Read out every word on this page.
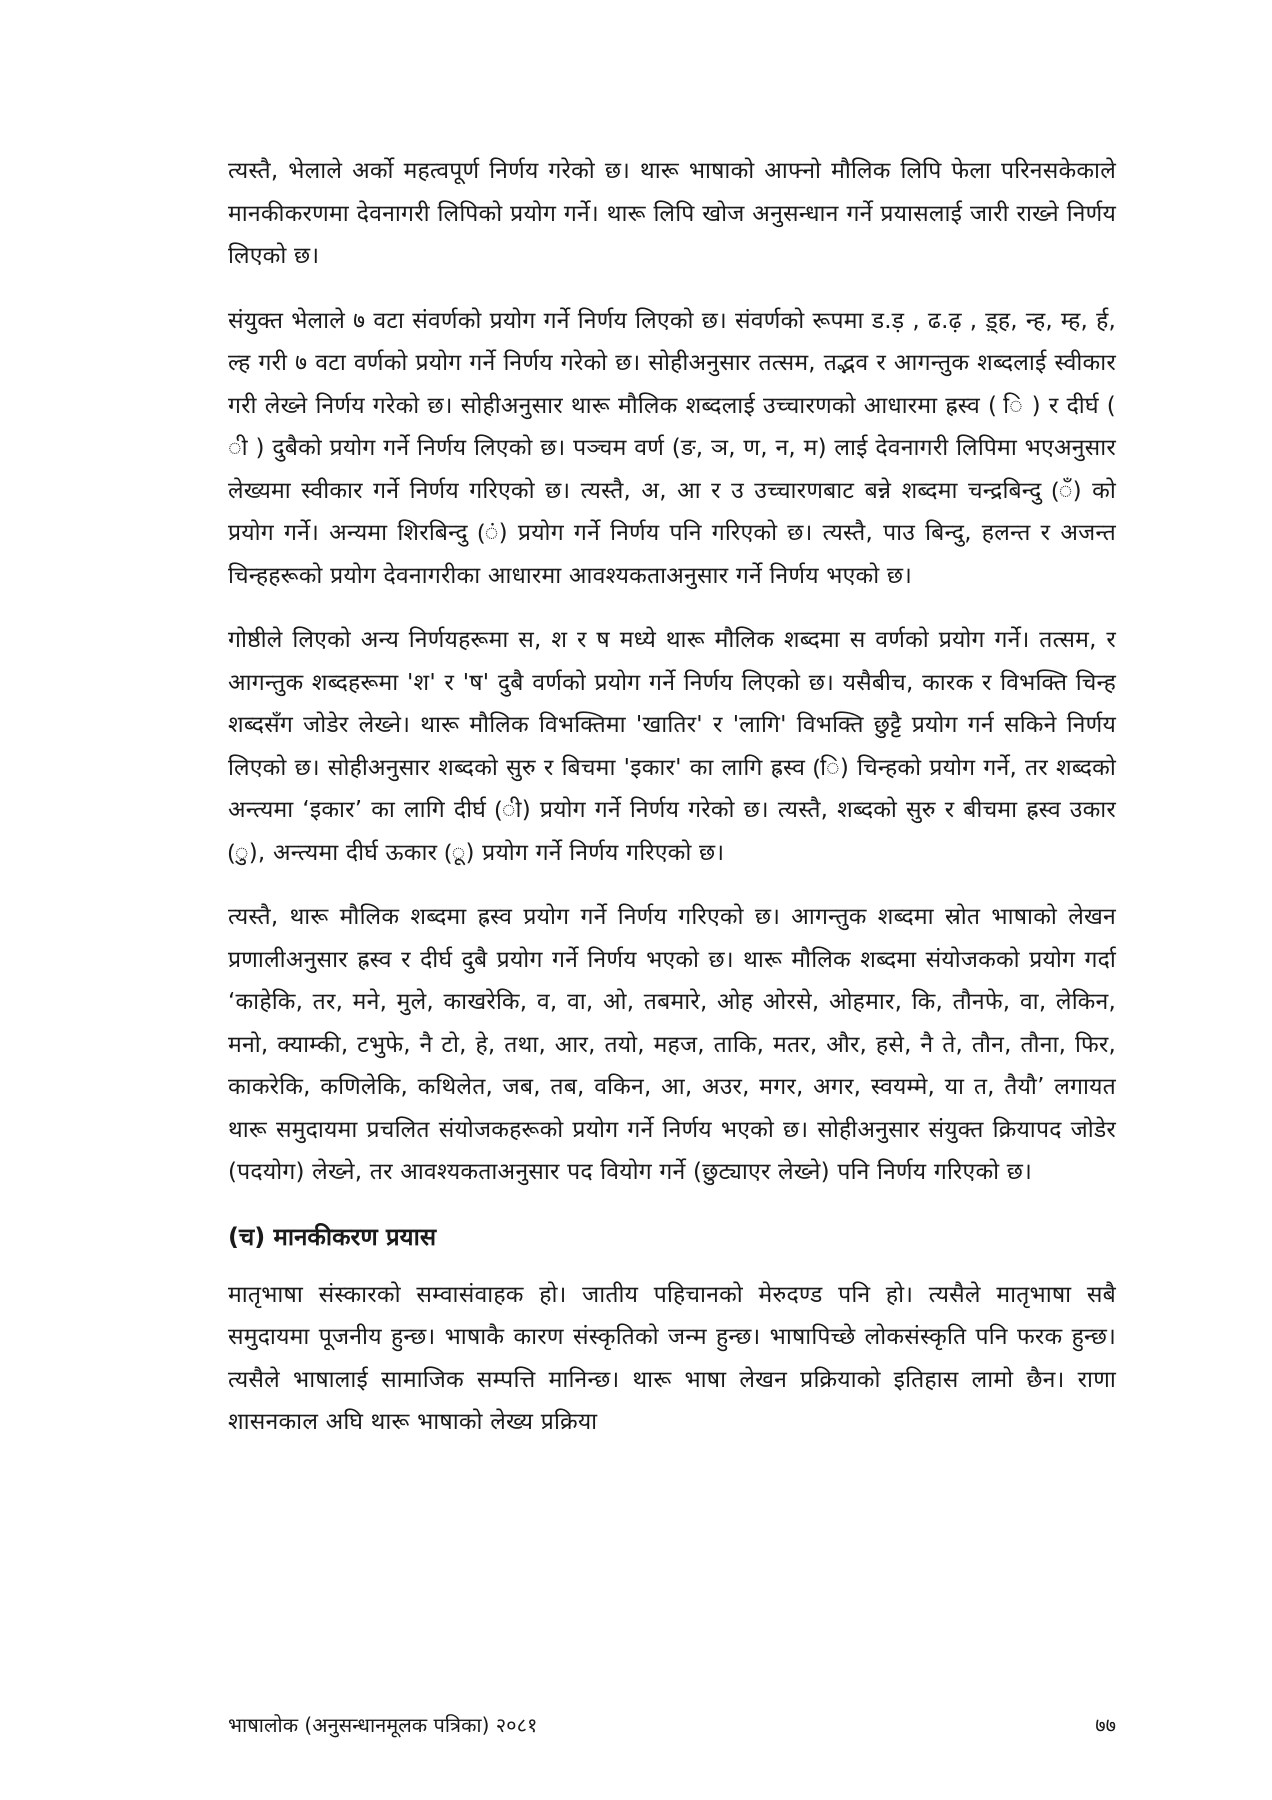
त्यस्तै, भेलाले अर्को महत्वपूर्ण निर्णय गरेको छ। थारू भाषाको आफ्नो मौलिक लिपि फेला परिनसकेकाले मानकीकरणमा देवनागरी लिपिको प्रयोग गर्ने। थारू लिपि खोज अनुसन्धान गर्ने प्रयासलाई जारी राख्ने निर्णय लिएको छ।

संयुक्त भेलाले ७ वटा संवर्णको प्रयोग गर्ने निर्णय लिएको छ। संवर्णको रूपमा ड.ड़ , ढ.ढ़ , ड़्ह, न्ह, म्ह, र्ह, ल्ह गरी ७ वटा वर्णको प्रयोग गर्ने निर्णय गरेको छ। सोहीअनुसार तत्सम, तद्भव र आगन्तुक शब्दलाई स्वीकार गरी लेख्ने निर्णय गरेको छ। सोहीअनुसार थारू मौलिक शब्दलाई उच्चारणको आधारमा ह्रस्व ( ि ) र दीर्घ ( ी ) दुबैको प्रयोग गर्ने निर्णय लिएको छ। पञ्चम वर्ण (ङ, ञ, ण, न, म) लाई देवनागरी लिपिमा भएअनुसार लेख्यमा स्वीकार गर्ने निर्णय गरिएको छ। त्यस्तै, अ, आ र उ उच्चारणबाट बन्ने शब्दमा चन्द्रबिन्दु (ँ) को प्रयोग गर्ने। अन्यमा शिरबिन्दु (ं) प्रयोग गर्ने निर्णय पनि गरिएको छ। त्यस्तै, पाउ बिन्दु, हलन्त र अजन्त चिन्हहरूको प्रयोग देवनागरीका आधारमा आवश्यकताअनुसार गर्ने निर्णय भएको छ।

गोष्ठीले लिएको अन्य निर्णयहरूमा स, श र ष मध्ये थारू मौलिक शब्दमा स वर्णको प्रयोग गर्ने। तत्सम, र आगन्तुक शब्दहरूमा 'श' र 'ष' दुबै वर्णको प्रयोग गर्ने निर्णय लिएको छ। यसैबीच, कारक र विभक्ति चिन्ह शब्दसँग जोडेर लेख्ने। थारू मौलिक विभक्तिमा 'खातिर' र 'लागि' विभक्ति छुट्टै प्रयोग गर्न सकिने निर्णय लिएको छ। सोहीअनुसार शब्दको सुरु र बिचमा 'इकार' का लागि ह्रस्व (ि) चिन्हको प्रयोग गर्ने, तर शब्दको अन्त्यमा ‘इकार’ का लागि दीर्घ (ी) प्रयोग गर्ने निर्णय गरेको छ। त्यस्तै, शब्दको सुरु र बीचमा ह्रस्व उकार (ु), अन्त्यमा दीर्घ ऊकार (ू) प्रयोग गर्ने निर्णय गरिएको छ।

त्यस्तै, थारू मौलिक शब्दमा ह्रस्व प्रयोग गर्ने निर्णय गरिएको छ। आगन्तुक शब्दमा स्रोत भाषाको लेखन प्रणालीअनुसार ह्रस्व र दीर्घ दुबै प्रयोग गर्ने निर्णय भएको छ। थारू मौलिक शब्दमा संयोजकको प्रयोग गर्दा ‘काहेकि, तर, मने, मुले, काखरेकि, व, वा, ओ, तबमारे, ओह ओरसे, ओहमार, कि, तौनफे, वा, लेकिन, मनो, क्याम्की, टभुफे, नै टो, हे, तथा, आर, तयो, महज, ताकि, मतर, और, हसे, नै ते, तौन, तौना, फिर, काकरेकि, कणिलेकि, कथिलेत, जब, तब, वकिन, आ, अउर, मगर, अगर, स्वयम्मे, या त, तैयौ’ लगायत थारू समुदायमा प्रचलित संयोजकहरूको प्रयोग गर्ने निर्णय भएको छ। सोहीअनुसार संयुक्त क्रियापद जोडेर (पदयोग) लेख्ने, तर आवश्यकताअनुसार पद वियोग गर्ने (छुट्याएर लेख्ने) पनि निर्णय गरिएको छ।

(च) मानकीकरण प्रयास

मातृभाषा संस्कारको सम्वासंवाहक हो। जातीय पहिचानको मेरुदण्ड पनि हो। त्यसैले मातृभाषा सबै समुदायमा पूजनीय हुन्छ। भाषाकै कारण संस्कृतिको जन्म हुन्छ। भाषापिच्छे लोकसंस्कृति पनि फरक हुन्छ। त्यसैले भाषालाई सामाजिक सम्पत्ति मानिन्छ। थारू भाषा लेखन प्रक्रियाको इतिहास लामो छैन। राणा शासनकाल अघि थारू भाषाको लेख्य प्रक्रिया

भाषालोक (अनुसन्धानमूलक पत्रिका) २०८१	७७
